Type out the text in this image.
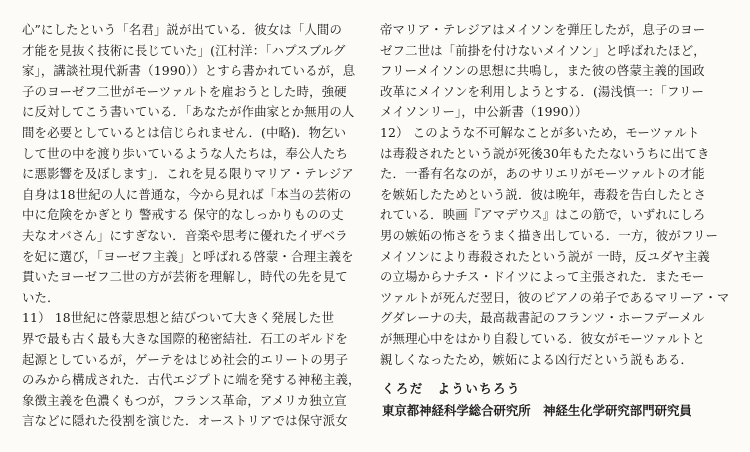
心”にしたという「名君」説が出ている．彼女は「人間の
才能を見抜く技術に長じていた」(江村洋：「ハプスブルグ
家」，講談社現代新書（1990））とすら書かれているが，息
子のヨーゼフ二世がモーツァルトを雇おうとした時，強硬
に反対してこう書いている．「あなたが作曲家とか無用の人
間を必要としているとは信じられません．(中略)．物乞い
して世の中を渡り歩いているような人たちは，奉公人たち
に悪影響を及ぼします」．これを見る限りマリア・テレジア
自身は18世紀の人に普通な，今から見れば「本当の芸術の
中に危険をかぎとり 警戒する 保守的なしっかりものの丈
夫なオバさん」にすぎない．音楽や思考に優れたイザベラ
を妃に選び，「ヨーゼフ主義」と呼ばれる啓蒙・合理主義を
貫いたヨーゼフ二世の方が芸術を理解し，時代の先を見て
いた．
11） 18世紀に啓蒙思想と結びついて大きく発展した世
界で最も古く最も大きな国際的秘密結社．石工のギルドを
起源としているが，ゲーテをはじめ社会的エリートの男子
のみから構成された．古代エジプトに端を発する神秘主義，
象徴主義を色濃くもつが，フランス革命，アメリカ独立宣
言などに隠れた役割を演じた．オーストリアでは保守派女
帝マリア・テレジアはメイソンを弾圧したが，息子のヨー
ゼフ二世は「前掛を付けないメイソン」と呼ばれたほど，
フリーメイソンの思想に共鳴し，また彼の啓蒙主義的国政
改革にメイソンを利用しようとする．(湯浅慎一：「フリー
メイソンリー」，中公新書（1990））
12） このような不可解なことが多いため，モーツァルト
は毒殺されたという説が死後30年もたたないうちに出てき
た．一番有名なのが，あのサリエリがモーツァルトの才能
を嫉妬したためという説．彼は晩年，毒殺を告白したとさ
れている．映画『アマデウス』はこの筋で，いずれにしろ
男の嫉妬の怖さをうまく描き出している．一方，彼がフリー
メイソンにより毒殺されたという説が 一時，反ユダヤ主義
の立場からナチス・ドイツによって主張された．またモー
ツァルトが死んだ翌日，彼のピアノの弟子であるマリーア・マ
グダレーナの夫，最高裁書記のフランツ・ホーフデーメル
が無理心中をはかり自殺している．彼女がモーツァルトと
親しくなったため，嫉妬による凶行だという説もある．
くろだ　よういちろう
東京都神経科学総合研究所　神経生化学研究部門研究員
